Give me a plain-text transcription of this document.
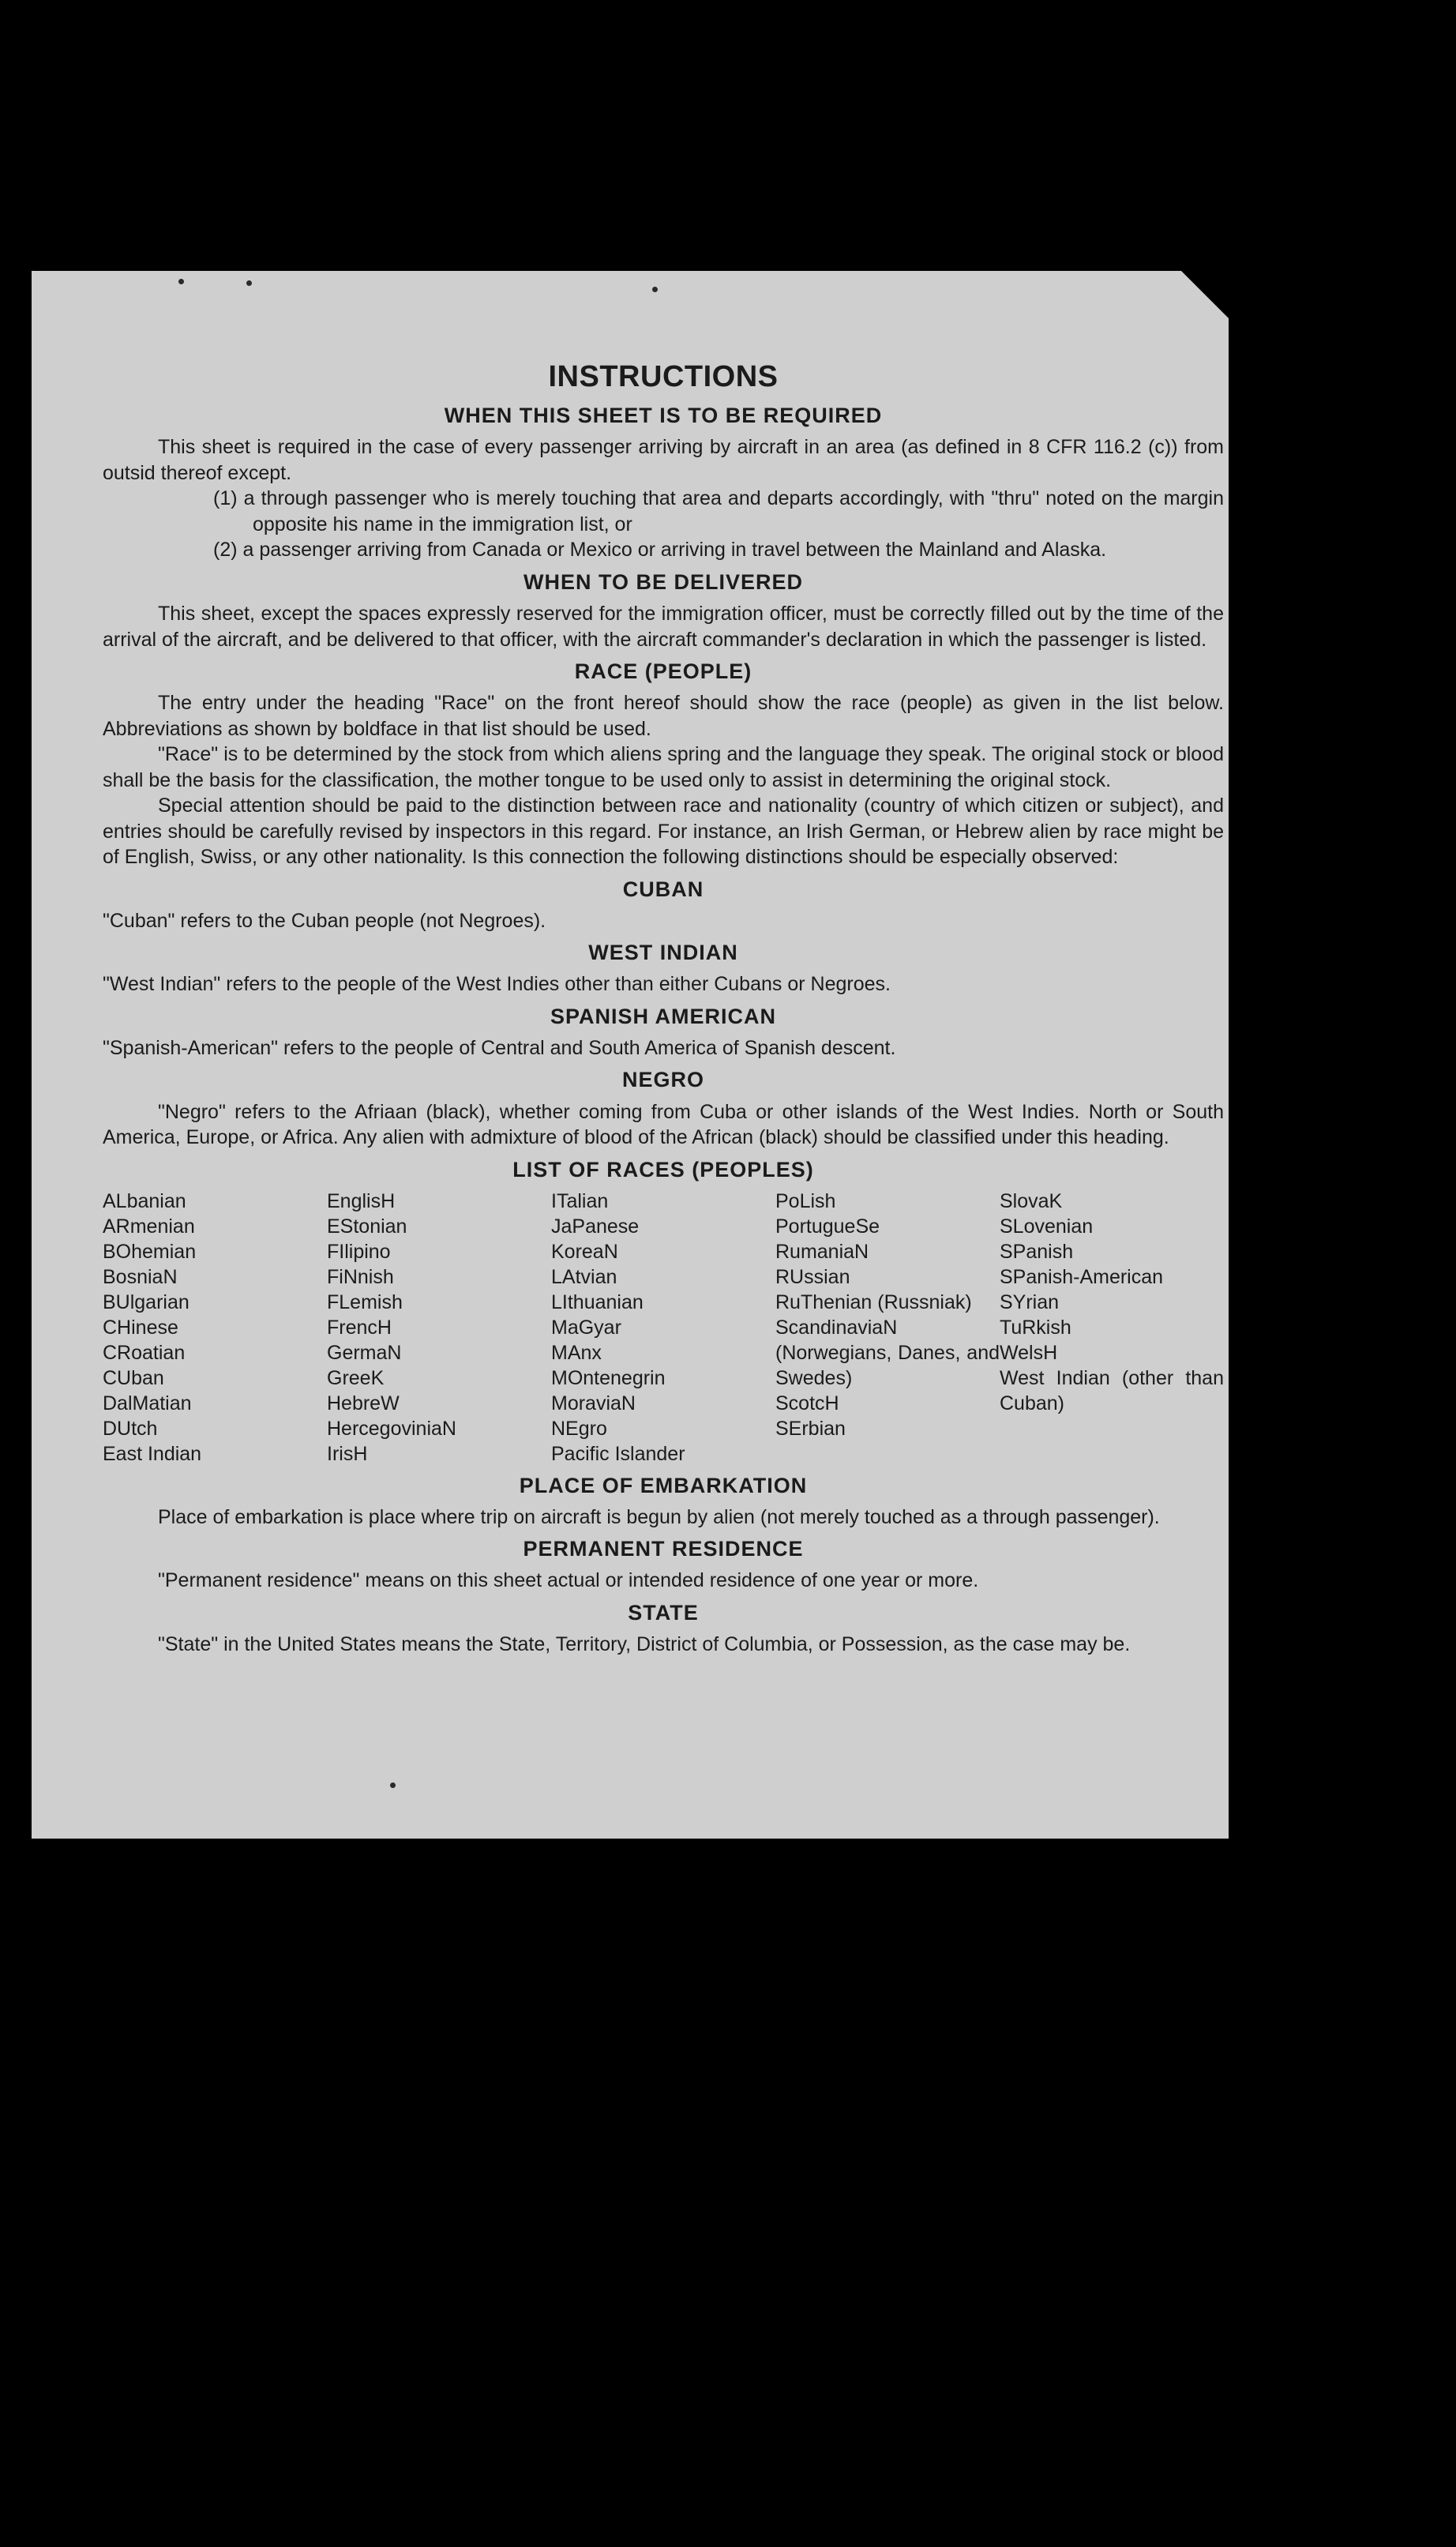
INSTRUCTIONS
WHEN THIS SHEET IS TO BE REQUIRED

This sheet is required in the case of every passenger arriving by aircraft in an area (as defined in 8 CFR 116.2 (c)) from outsid thereof except.

(1) a through passenger who is merely touching that area and departs accordingly, with "thru" noted on the margin opposite his name in the immigration list, or

(2) a passenger arriving from Canada or Mexico or arriving in travel between the Mainland and Alaska.

WHEN TO BE DELIVERED

This sheet, except the spaces expressly reserved for the immigration officer, must be correctly filled out by the time of the arrival of the aircraft, and be delivered to that officer, with the aircraft commander's declaration in which the passenger is listed.

RACE (PEOPLE)

The entry under the heading "Race" on the front hereof should show the race (people) as given in the list below. Abbreviations as shown by boldface in that list should be used.

"Race" is to be determined by the stock from which aliens spring and the language they speak. The original stock or blood shall be the basis for the classification, the mother tongue to be used only to assist in determining the original stock.

Special attention should be paid to the distinction between race and nationality (country of which citizen or subject), and entries should be carefully revised by inspectors in this regard. For instance, an Irish German, or Hebrew alien by race might be of English, Swiss, or any other nationality. Is this connection the following distinctions should be especially observed:

CUBAN

"Cuban" refers to the Cuban people (not Negroes).

WEST INDIAN

"West Indian" refers to the people of the West Indies other than either Cubans or Negroes.

SPANISH AMERICAN

"Spanish-American" refers to the people of Central and South America of Spanish descent.

NEGRO

"Negro" refers to the Afriaan (black), whether coming from Cuba or other islands of the West Indies. North or South America, Europe, or Africa. Any alien with admixture of blood of the African (black) should be classified under this heading.

LIST OF RACES (PEOPLES)

ALbanian

ARmenian

BOhemian

BosniaN

BUlgarian

CHinese

CRoatian

CUban

DalMatian

DUtch

East Indian

EnglisH

EStonian

FIlipino

FiNnish

FLemish

FrencH

GermaN

GreeK

HebreW

HercegoviniaN

IrisH

ITalian

JaPanese

KoreaN

LAtvian

LIthuanian

MaGyar

MAnx

MOntenegrin

MoraviaN

NEgro

Pacific Islander

PoLish

PortugueSe

RumaniaN

RUssian

RuThenian (Russniak)

ScandinaviaN (Norwegians, Danes, and Swedes)

ScotcH

SErbian

SlovaK

SLovenian

SPanish

SPanish-American

SYrian

TuRkish

WelsH

West Indian (other than Cuban)

PLACE OF EMBARKATION

Place of embarkation is place where trip on aircraft is begun by alien (not merely touched as a through passenger).

PERMANENT RESIDENCE

"Permanent residence" means on this sheet actual or intended residence of one year or more.

STATE

"State" in the United States means the State, Territory, District of Columbia, or Possession, as the case may be.
